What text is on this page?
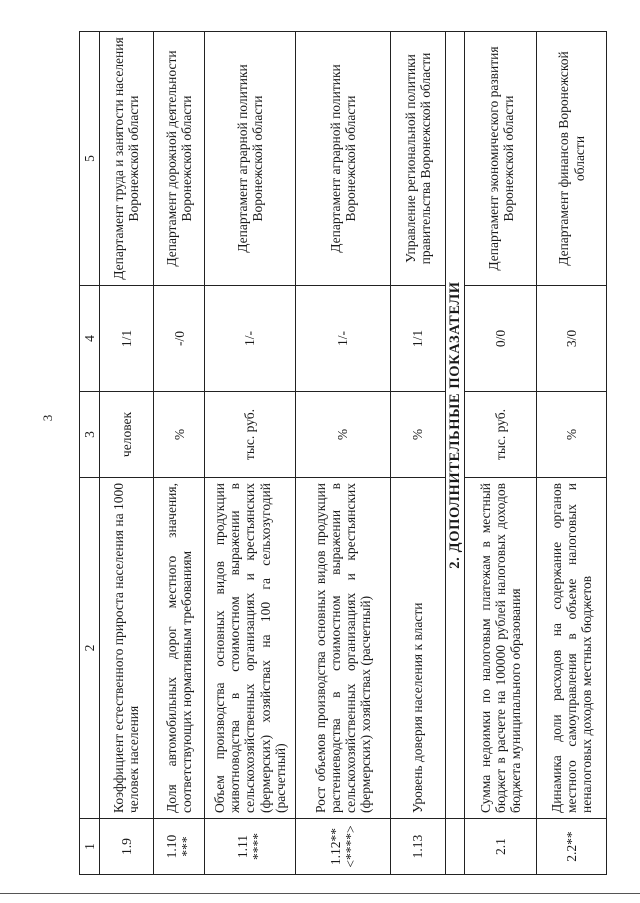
3
1	2	3	4	5
1.9	Коэффициент естественного прироста населения на 1000 человек населения	человек	1/1	Департамент труда и занятости населения Воронежской области
1.10 ***	Доля автомобильных дорог местного значения, соответствующих нормативным требованиям	%	-/0	Департамент дорожной деятельности Воронежской области
1.11 ****	Объем производства основных видов продукции животноводства в стоимостном выражении в сельскохозяйственных организациях и крестьянских (фермерских) хозяйствах на 100 га сельхозугодий (расчетный)	тыс. руб.	1/-	Департамент аграрной политики Воронежской области
1.12** <****>	Рост объемов производства основных видов продукции растениеводства в стоимостном выражении в сельскохозяйственных организациях и крестьянских (фермерских) хозяйствах (расчетный)	%	1/-	Департамент аграрной политики Воронежской области
1.13	Уровень доверия населения к власти	%	1/1	Управление региональной политики правительства Воронежской области
	2. ДОПОЛНИТЕЛЬНЫЕ ПОКАЗАТЕЛИ			
2.1	Сумма недоимки по налоговым платежам в местный бюджет в расчете на 100000 рублей налоговых доходов бюджета муниципального образования	тыс. руб.	0/0	Департамент экономического развития Воронежской области
2.2**	Динамика доли расходов на содержание органов местного самоуправления в объеме налоговых и неналоговых доходов местных бюджетов	%	3/0	Департамент финансов Воронежской области
